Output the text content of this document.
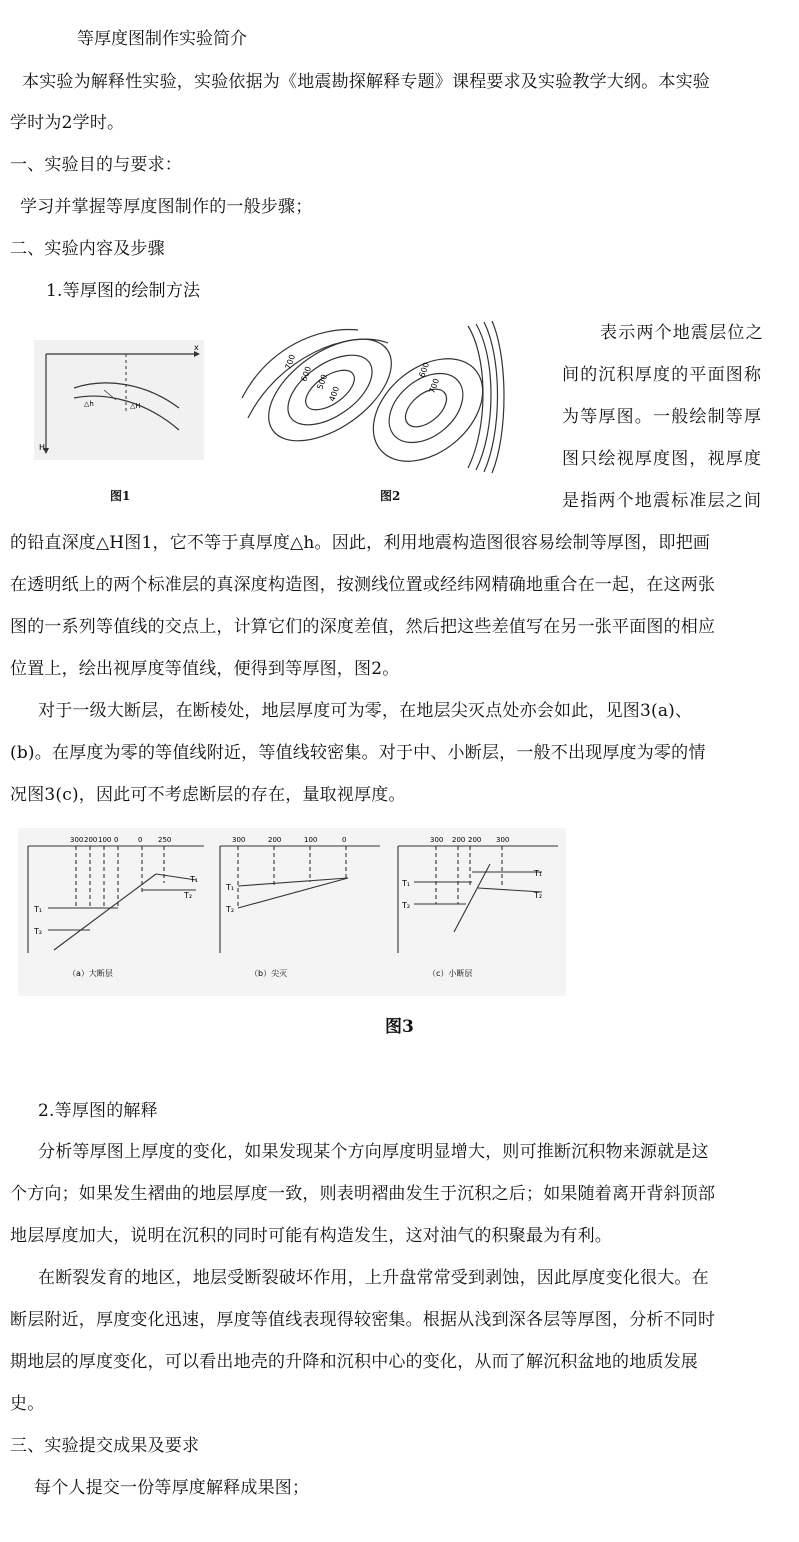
等厚度图制作实验简介
本实验为解释性实验，实验依据为《地震勘探解释专题》课程要求及实验教学大纲。本实验
学时为2学时。
一、实验目的与要求：
学习并掌握等厚度图制作的一般步骤；
二、实验内容及步骤
1.等厚图的绘制方法
△h	△H
x
H
图1
700
600 500
400
600
700
图2
表示两个地震层位之
间的沉积厚度的平面图称
为等厚图。一般绘制等厚
图只绘视厚度图，视厚度
是指两个地震标准层之间
的铅直深度△H图1，它不等于真厚度△h。因此，利用地震构造图很容易绘制等厚图，即把画
在透明纸上的两个标准层的真深度构造图，按测线位置或经纬网精确地重合在一起，在这两张
图的一系列等值线的交点上，计算它们的深度差值，然后把这些差值写在另一张平面图的相应
位置上，绘出视厚度等值线，便得到等厚图，图2。
对于一级大断层，在断棱处，地层厚度可为零，在地层尖灭点处亦会如此，见图3(a)、
(b)。在厚度为零的等值线附近，等值线较密集。对于中、小断层，一般不出现厚度为零的情
况图3(c)，因此可不考虑断层的存在，量取视厚度。
300 200 100 0	0 250
T₁
T₂
T₁
T₂
（a）大断层
300	200	100	0
T₁
T₂
（b）尖灭
300 200 200 300
T₁
T₂
T₁
T₂
（c）小断层
图3
2.等厚图的解释
分析等厚图上厚度的变化，如果发现某个方向厚度明显增大，则可推断沉积物来源就是这
个方向；如果发生褶曲的地层厚度一致，则表明褶曲发生于沉积之后；如果随着离开背斜顶部
地层厚度加大，说明在沉积的同时可能有构造发生，这对油气的积聚最为有利。
在断裂发育的地区，地层受断裂破坏作用，上升盘常常受到剥蚀，因此厚度变化很大。在
断层附近，厚度变化迅速，厚度等值线表现得较密集。根据从浅到深各层等厚图，分析不同时
期地层的厚度变化，可以看出地壳的升降和沉积中心的变化，从而了解沉积盆地的地质发展
史。
三、实验提交成果及要求
每个人提交一份等厚度解释成果图；
